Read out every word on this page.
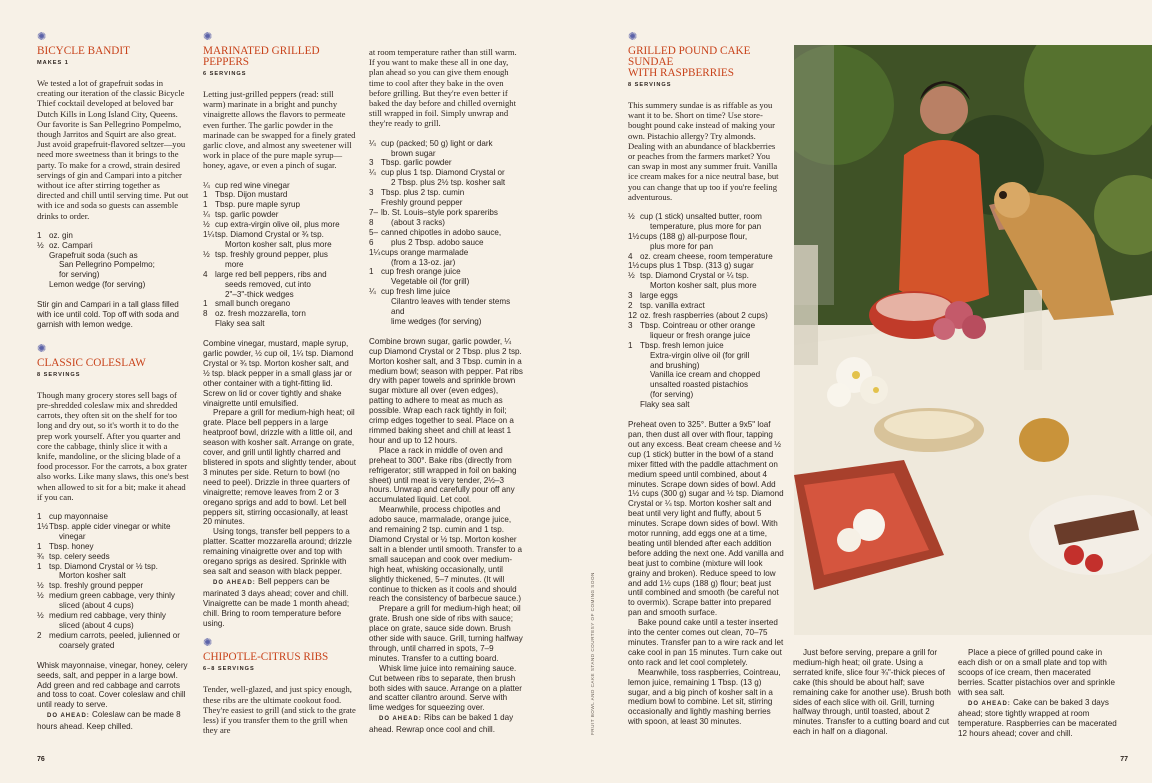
✺
BICYCLE BANDIT
MAKES 1
We tested a lot of grapefruit sodas in creating our iteration of the classic Bicycle Thief cocktail developed at beloved bar Dutch Kills in Long Island City, Queens. Our favorite is San Pellegrino Pompelmo, though Jarritos and Squirt are also great. Just avoid grapefruit-flavored seltzer—you need more sweetness than it brings to the party. To make for a crowd, strain desired servings of gin and Campari into a pitcher without ice after stirring together as directed and chill until serving time. Put out with ice and soda so guests can assemble drinks to order.
1 oz. gin
½ oz. Campari
Grapefruit soda (such as
San Pellegrino Pompelmo;
for serving)
Lemon wedge (for serving)

Stir gin and Campari in a tall glass filled with ice until cold. Top off with soda and garnish with lemon wedge.

✺
CLASSIC COLESLAW
8 SERVINGS
Though many grocery stores sell bags of pre-shredded coleslaw mix and shredded carrots, they often sit on the shelf for too long and dry out, so it's worth it to do the prep work yourself. After you quarter and core the cabbage, thinly slice it with a knife, mandoline, or the slicing blade of a food processor. For the carrots, a box grater also works. Like many slaws, this one's best when allowed to sit for a bit; make it ahead if you can.
1 cup mayonnaise
1½ Tbsp. apple cider vinegar or white
vinegar
1 Tbsp. honey
¾ tsp. celery seeds
1 tsp. Diamond Crystal or ½ tsp.
Morton kosher salt
½ tsp. freshly ground pepper
½ medium green cabbage, very thinly
sliced (about 4 cups)
½ medium red cabbage, very thinly
sliced (about 4 cups)
2 medium carrots, peeled, julienned or
coarsely grated

Whisk mayonnaise, vinegar, honey, celery seeds, salt, and pepper in a large bowl. Add green and red cabbage and carrots and toss to coat. Cover coleslaw and chill until ready to serve.

DO AHEAD: Coleslaw can be made 8 hours ahead. Keep chilled.

✺
MARINATED GRILLED PEPPERS
6 SERVINGS
Letting just-grilled peppers (read: still warm) marinate in a bright and punchy vinaigrette allows the flavors to permeate even further. The garlic powder in the marinade can be swapped for a finely grated garlic clove, and almost any sweetener will work in place of the pure maple syrup—honey, agave, or even a pinch of sugar.
¼ cup red wine vinegar
1 Tbsp. Dijon mustard
1 Tbsp. pure maple syrup
¼ tsp. garlic powder
½ cup extra-virgin olive oil, plus more
1¼ tsp. Diamond Crystal or ¾ tsp.
Morton kosher salt, plus more
½ tsp. freshly ground pepper, plus
more
4 large red bell peppers, ribs and
seeds removed, cut into
2"–3"-thick wedges
1 small bunch oregano
8 oz. fresh mozzarella, torn
Flaky sea salt

Combine vinegar, mustard, maple syrup, garlic powder, ½ cup oil, 1¼ tsp. Diamond Crystal or ¾ tsp. Morton kosher salt, and ½ tsp. black pepper in a small glass jar or other container with a tight-fitting lid. Screw on lid or cover tightly and shake vinaigrette until emulsified.

Prepare a grill for medium-high heat; oil grate. Place bell peppers in a large heatproof bowl, drizzle with a little oil, and season with kosher salt. Arrange on grate, cover, and grill until lightly charred and blistered in spots and slightly tender, about 3 minutes per side. Return to bowl (no need to peel). Drizzle in three quarters of vinaigrette; remove leaves from 2 or 3 oregano sprigs and add to bowl. Let bell peppers sit, stirring occasionally, at least 20 minutes.

Using tongs, transfer bell peppers to a platter. Scatter mozzarella around; drizzle remaining vinaigrette over and top with oregano sprigs as desired. Sprinkle with sea salt and season with black pepper.

DO AHEAD: Bell peppers can be marinated 3 days ahead; cover and chill. Vinaigrette can be made 1 month ahead; chill. Bring to room temperature before using.

✺
CHIPOTLE-CITRUS RIBS
6–8 SERVINGS
Tender, well-glazed, and just spicy enough, these ribs are the ultimate cookout food. They're easiest to grill (and stick to the grate less) if you transfer them to the grill when they are
at room temperature rather than still warm. If you want to make these all in one day, plan ahead so you can give them enough time to cool after they bake in the oven before grilling. But they're even better if baked the day before and chilled overnight still wrapped in foil. Simply unwrap and they're ready to grill.
¼ cup (packed; 50 g) light or dark
brown sugar
3 Tbsp. garlic powder
¼ cup plus 1 tsp. Diamond Crystal or
2 Tbsp. plus 2½ tsp. kosher salt
3 Tbsp. plus 2 tsp. cumin
Freshly ground pepper
7–8
lb. St. Louis–style pork spareribs
(about 3 racks)
5–6
canned chipotles in adobo sauce,
plus 2 Tbsp. adobo sauce
1¼ cups orange marmalade
(from a 13-oz. jar)
1 cup fresh orange juice
Vegetable oil (for grill)
¼ cup fresh lime juice
Cilantro leaves with tender stems and
lime wedges (for serving)

Combine brown sugar, garlic powder, ¼ cup Diamond Crystal or 2 Tbsp. plus 2 tsp. Morton kosher salt, and 3 Tbsp. cumin in a medium bowl; season with pepper. Pat ribs dry with paper towels and sprinkle brown sugar mixture all over (even edges), patting to adhere to meat as much as possible. Wrap each rack tightly in foil; crimp edges together to seal. Place on a rimmed baking sheet and chill at least 1 hour and up to 12 hours.

Place a rack in middle of oven and preheat to 300°. Bake ribs (directly from refrigerator; still wrapped in foil on baking sheet) until meat is very tender, 2½–3 hours. Unwrap and carefully pour off any accumulated liquid. Let cool.

Meanwhile, process chipotles and adobo sauce, marmalade, orange juice, and remaining 2 tsp. cumin and 1 tsp. Diamond Crystal or ½ tsp. Morton kosher salt in a blender until smooth. Transfer to a small saucepan and cook over medium-high heat, whisking occasionally, until slightly thickened, 5–7 minutes. (It will continue to thicken as it cools and should reach the consistency of barbecue sauce.)

Prepare a grill for medium-high heat; oil grate. Brush one side of ribs with sauce; place on grate, sauce side down. Brush other side with sauce. Grill, turning halfway through, until charred in spots, 7–9 minutes. Transfer to a cutting board.

Whisk lime juice into remaining sauce. Cut between ribs to separate, then brush both sides with sauce. Arrange on a platter and scatter cilantro around. Serve with lime wedges for squeezing over.

DO AHEAD: Ribs can be baked 1 day ahead. Rewrap once cool and chill.

76
FRUIT BOWL AND CAKE STAND COURTESY OF COMING SOON
✺
GRILLED POUND CAKE SUNDAE
WITH RASPBERRIES
8 SERVINGS
This summery sundae is as riffable as you want it to be. Short on time? Use store-bought pound cake instead of making your own. Pistachio allergy? Try almonds. Dealing with an abundance of blackberries or peaches from the farmers market? You can swap in most any summer fruit. Vanilla ice cream makes for a nice neutral base, but you can change that up too if you're feeling adventurous.
½ cup (1 stick) unsalted butter, room
temperature, plus more for pan
1½ cups (188 g) all-purpose flour,
plus more for pan
4 oz. cream cheese, room temperature
1½ cups plus 1 Tbsp. (313 g) sugar
½ tsp. Diamond Crystal or ¼ tsp.
Morton kosher salt, plus more
3 large eggs
2 tsp. vanilla extract
12 oz. fresh raspberries (about 2 cups)
3 Tbsp. Cointreau or other orange
liqueur or fresh orange juice
1 Tbsp. fresh lemon juice
Extra-virgin olive oil (for grill
and brushing)
Vanilla ice cream and chopped
unsalted roasted pistachios
(for serving)
Flaky sea salt

Preheat oven to 325°. Butter a 9x5" loaf pan, then dust all over with flour, tapping out any excess. Beat cream cheese and ½ cup (1 stick) butter in the bowl of a stand mixer fitted with the paddle attachment on medium speed until combined, about 4 minutes. Scrape down sides of bowl. Add 1½ cups (300 g) sugar and ½ tsp. Diamond Crystal or ¼ tsp. Morton kosher salt and beat until very light and fluffy, about 5 minutes. Scrape down sides of bowl. With motor running, add eggs one at a time, beating until blended after each addition before adding the next one. Add vanilla and beat just to combine (mixture will look grainy and broken). Reduce speed to low and add 1½ cups (188 g) flour; beat just until combined and smooth (be careful not to overmix). Scrape batter into prepared pan and smooth surface.

Bake pound cake until a tester inserted into the center comes out clean, 70–75 minutes. Transfer pan to a wire rack and let cake cool in pan 15 minutes. Turn cake out onto rack and let cool completely.

Meanwhile, toss raspberries, Cointreau, lemon juice, remaining 1 Tbsp. (13 g) sugar, and a big pinch of kosher salt in a medium bowl to combine. Let sit, stirring occasionally and lightly mashing berries with spoon, at least 30 minutes.

Just before serving, prepare a grill for medium-high heat; oil grate. Using a serrated knife, slice four ¾"-thick pieces of cake (this should be about half; save remaining cake for another use). Brush both sides of each slice with oil. Grill, turning halfway through, until toasted, about 2 minutes. Transfer to a cutting board and cut each in half on a diagonal.

Place a piece of grilled pound cake in each dish or on a small plate and top with scoops of ice cream, then macerated berries. Scatter pistachios over and sprinkle with sea salt.

DO AHEAD: Cake can be baked 3 days ahead; store tightly wrapped at room temperature. Raspberries can be macerated 12 hours ahead; cover and chill.

77
